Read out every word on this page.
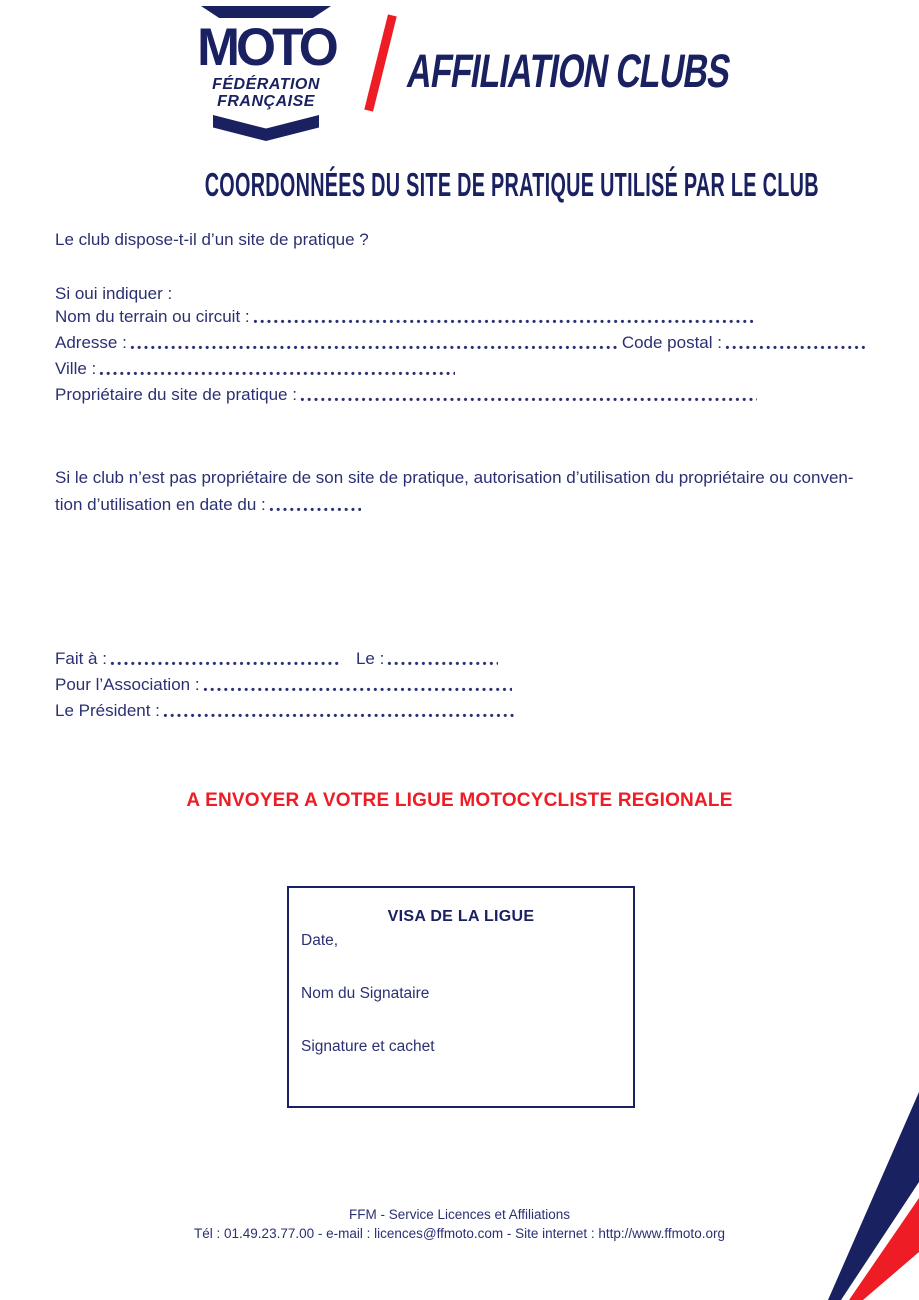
MOTO
FÉDÉRATION
FRANÇAISE
AFFILIATION CLUBS
COORDONNÉES DU SITE DE PRATIQUE UTILISÉ PAR LE CLUB
Le club dispose-t-il d’un site de pratique ?
Si oui indiquer :
Nom du terrain ou circuit :
Adresse :	Code postal :
Ville :
Propriétaire du site de pratique :
Si le club n’est pas propriétaire de son site de pratique, autorisation d’utilisation du propriétaire ou conven-
tion d’utilisation en date du :
Fait à :	Le :
Pour l’Association :
Le Président :
A ENVOYER A VOTRE LIGUE MOTOCYCLISTE REGIONALE
VISA DE LA LIGUE
Date,
Nom du Signataire
Signature et cachet
FFM - Service Licences et Affiliations
Tél : 01.49.23.77.00 - e-mail : licences@ffmoto.com - Site internet : http://www.ffmoto.org
